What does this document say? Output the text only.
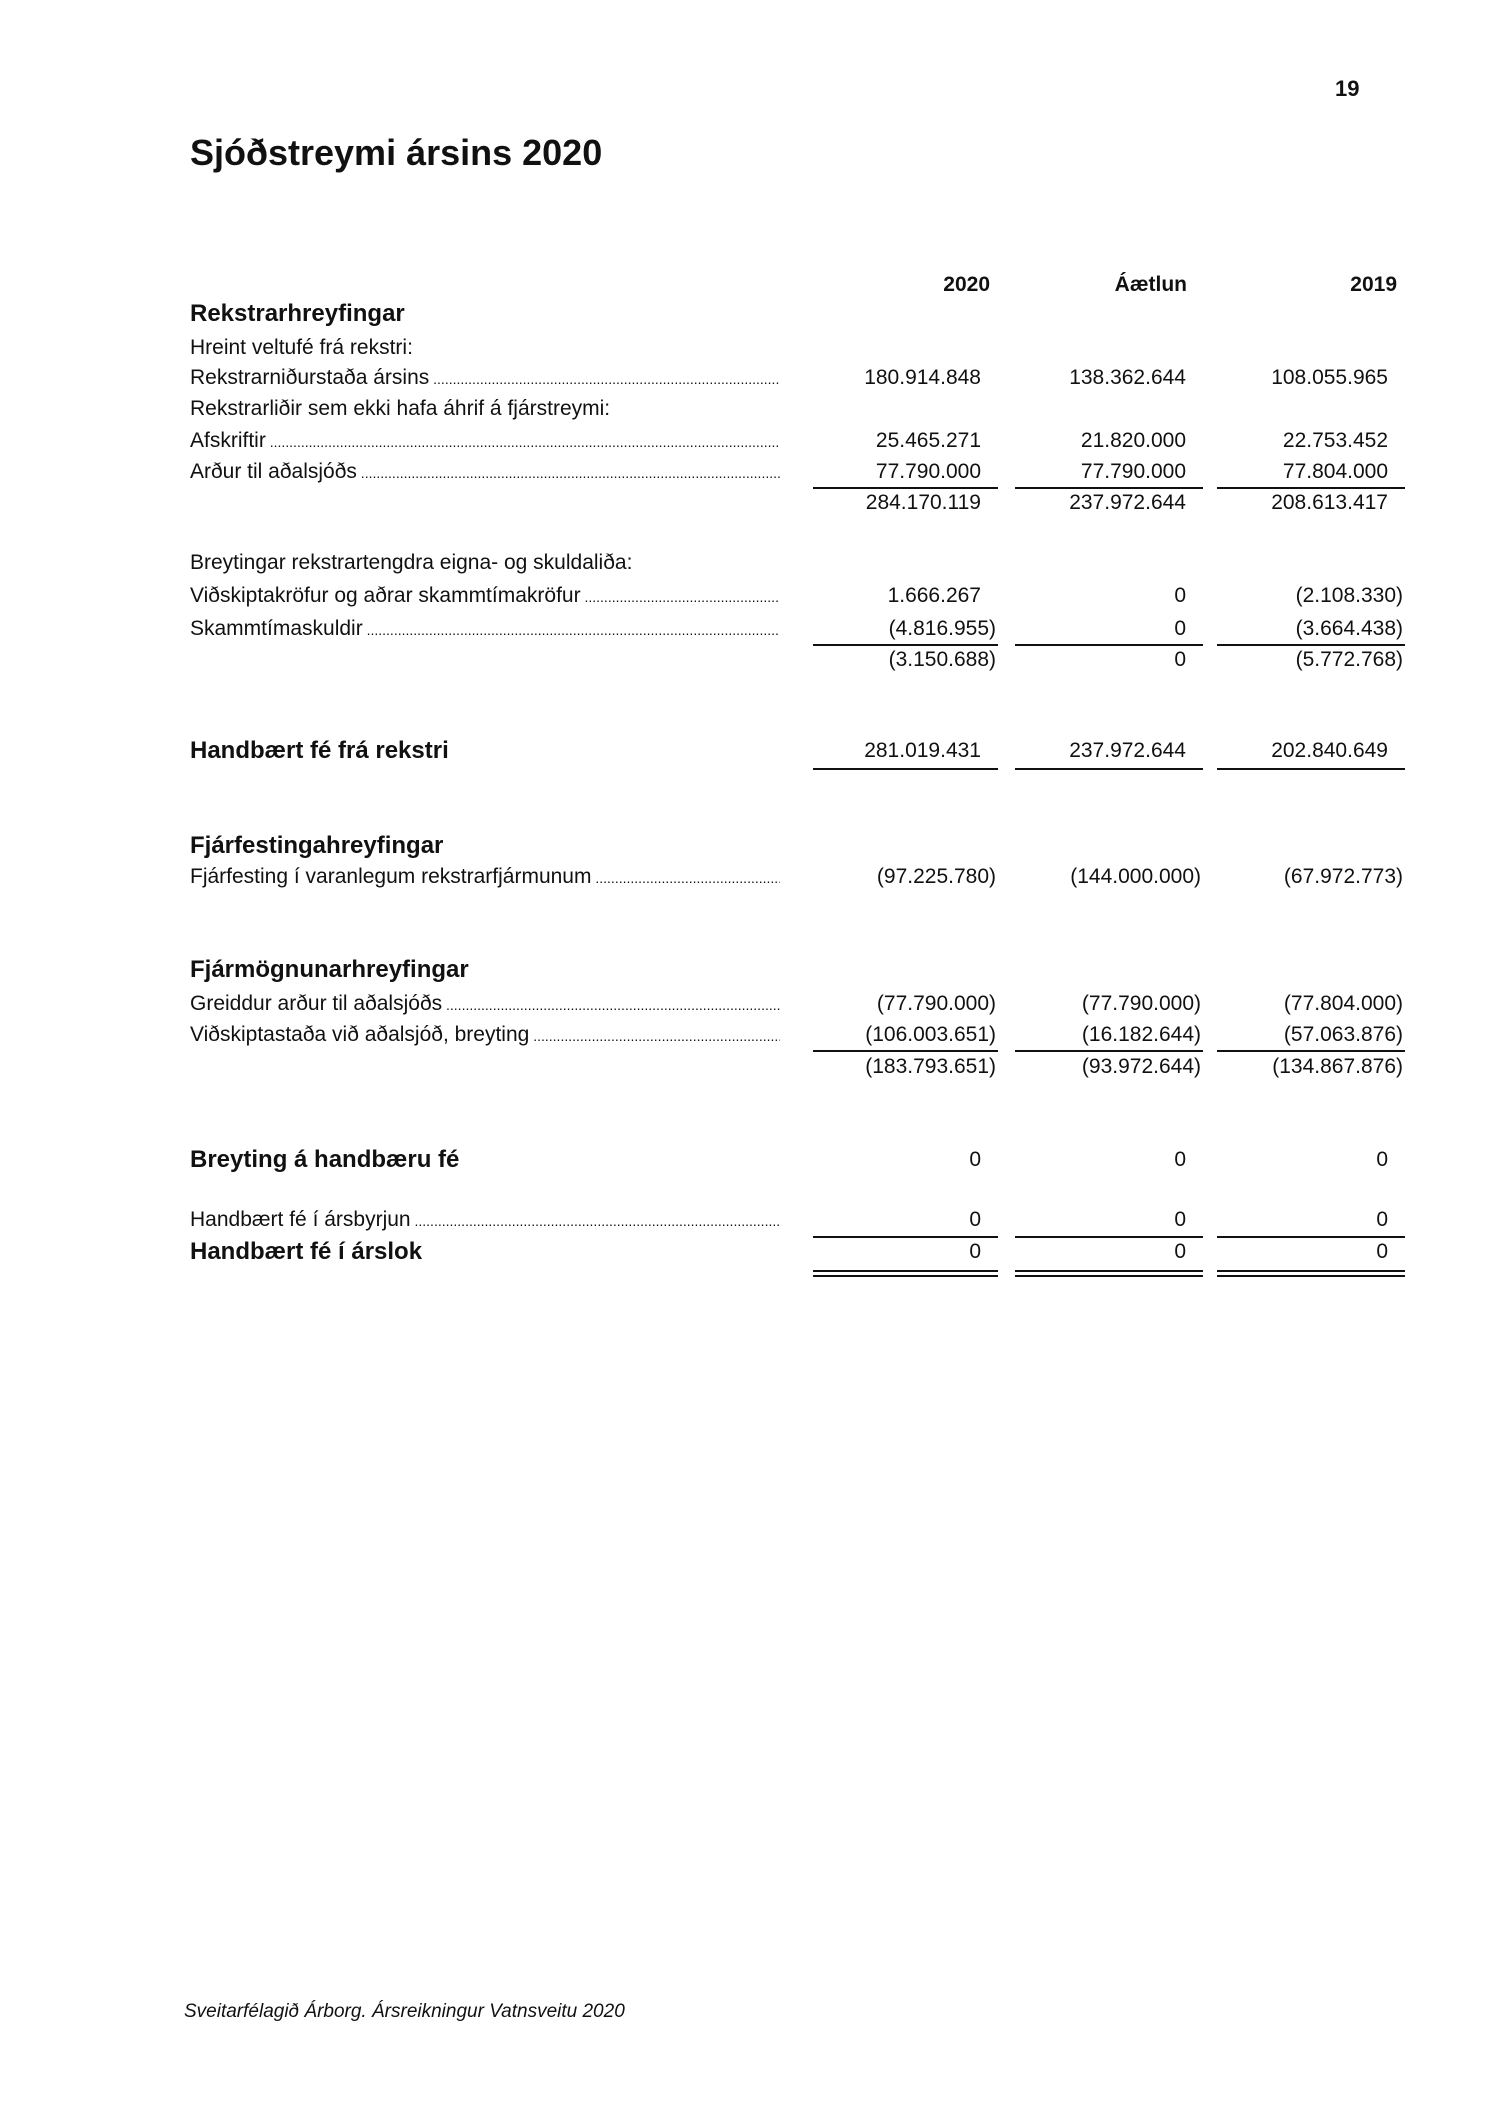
19
Sjóðstreymi ársins 2020
2020	Áætlun	2019
Rekstrarhreyfingar
Hreint veltufé frá rekstri:
Rekstrarniðurstaða ársins .....	180.914.848	138.362.644	108.055.965
Rekstrarliðir sem ekki hafa áhrif á fjárstreymi:
Afskriftir .....	25.465.271	21.820.000	22.753.452
Arður til aðalsjóðs .....	77.790.000	77.790.000	77.804.000
284.170.119	237.972.644	208.613.417
Breytingar rekstrartengdra eigna- og skuldaliða:
Viðskiptakröfur og aðrar skammtímakröfur .....	1.666.267	0	(2.108.330)
Skammtímaskuldir .....	(4.816.955)	0	(3.664.438)
(3.150.688)	0	(5.772.768)
Handbært fé frá rekstri	281.019.431	237.972.644	202.840.649
Fjárfestingahreyfingar
Fjárfesting í varanlegum rekstrarfjármunum .....	(97.225.780)	(144.000.000)	(67.972.773)
Fjármögnunarhreyfingar
Greiddur arður til aðalsjóðs .....	(77.790.000)	(77.790.000)	(77.804.000)
Viðskiptastaða við aðalsjóð, breyting .....	(106.003.651)	(16.182.644)	(57.063.876)
(183.793.651)	(93.972.644)	(134.867.876)
Breyting á handbæru fé	0	0	0
Handbært fé í ársbyrjun .....	0	0	0
Handbært fé í árslok	0	0	0
Sveitarfélagið Árborg. Ársreikningur Vatnsveitu 2020
